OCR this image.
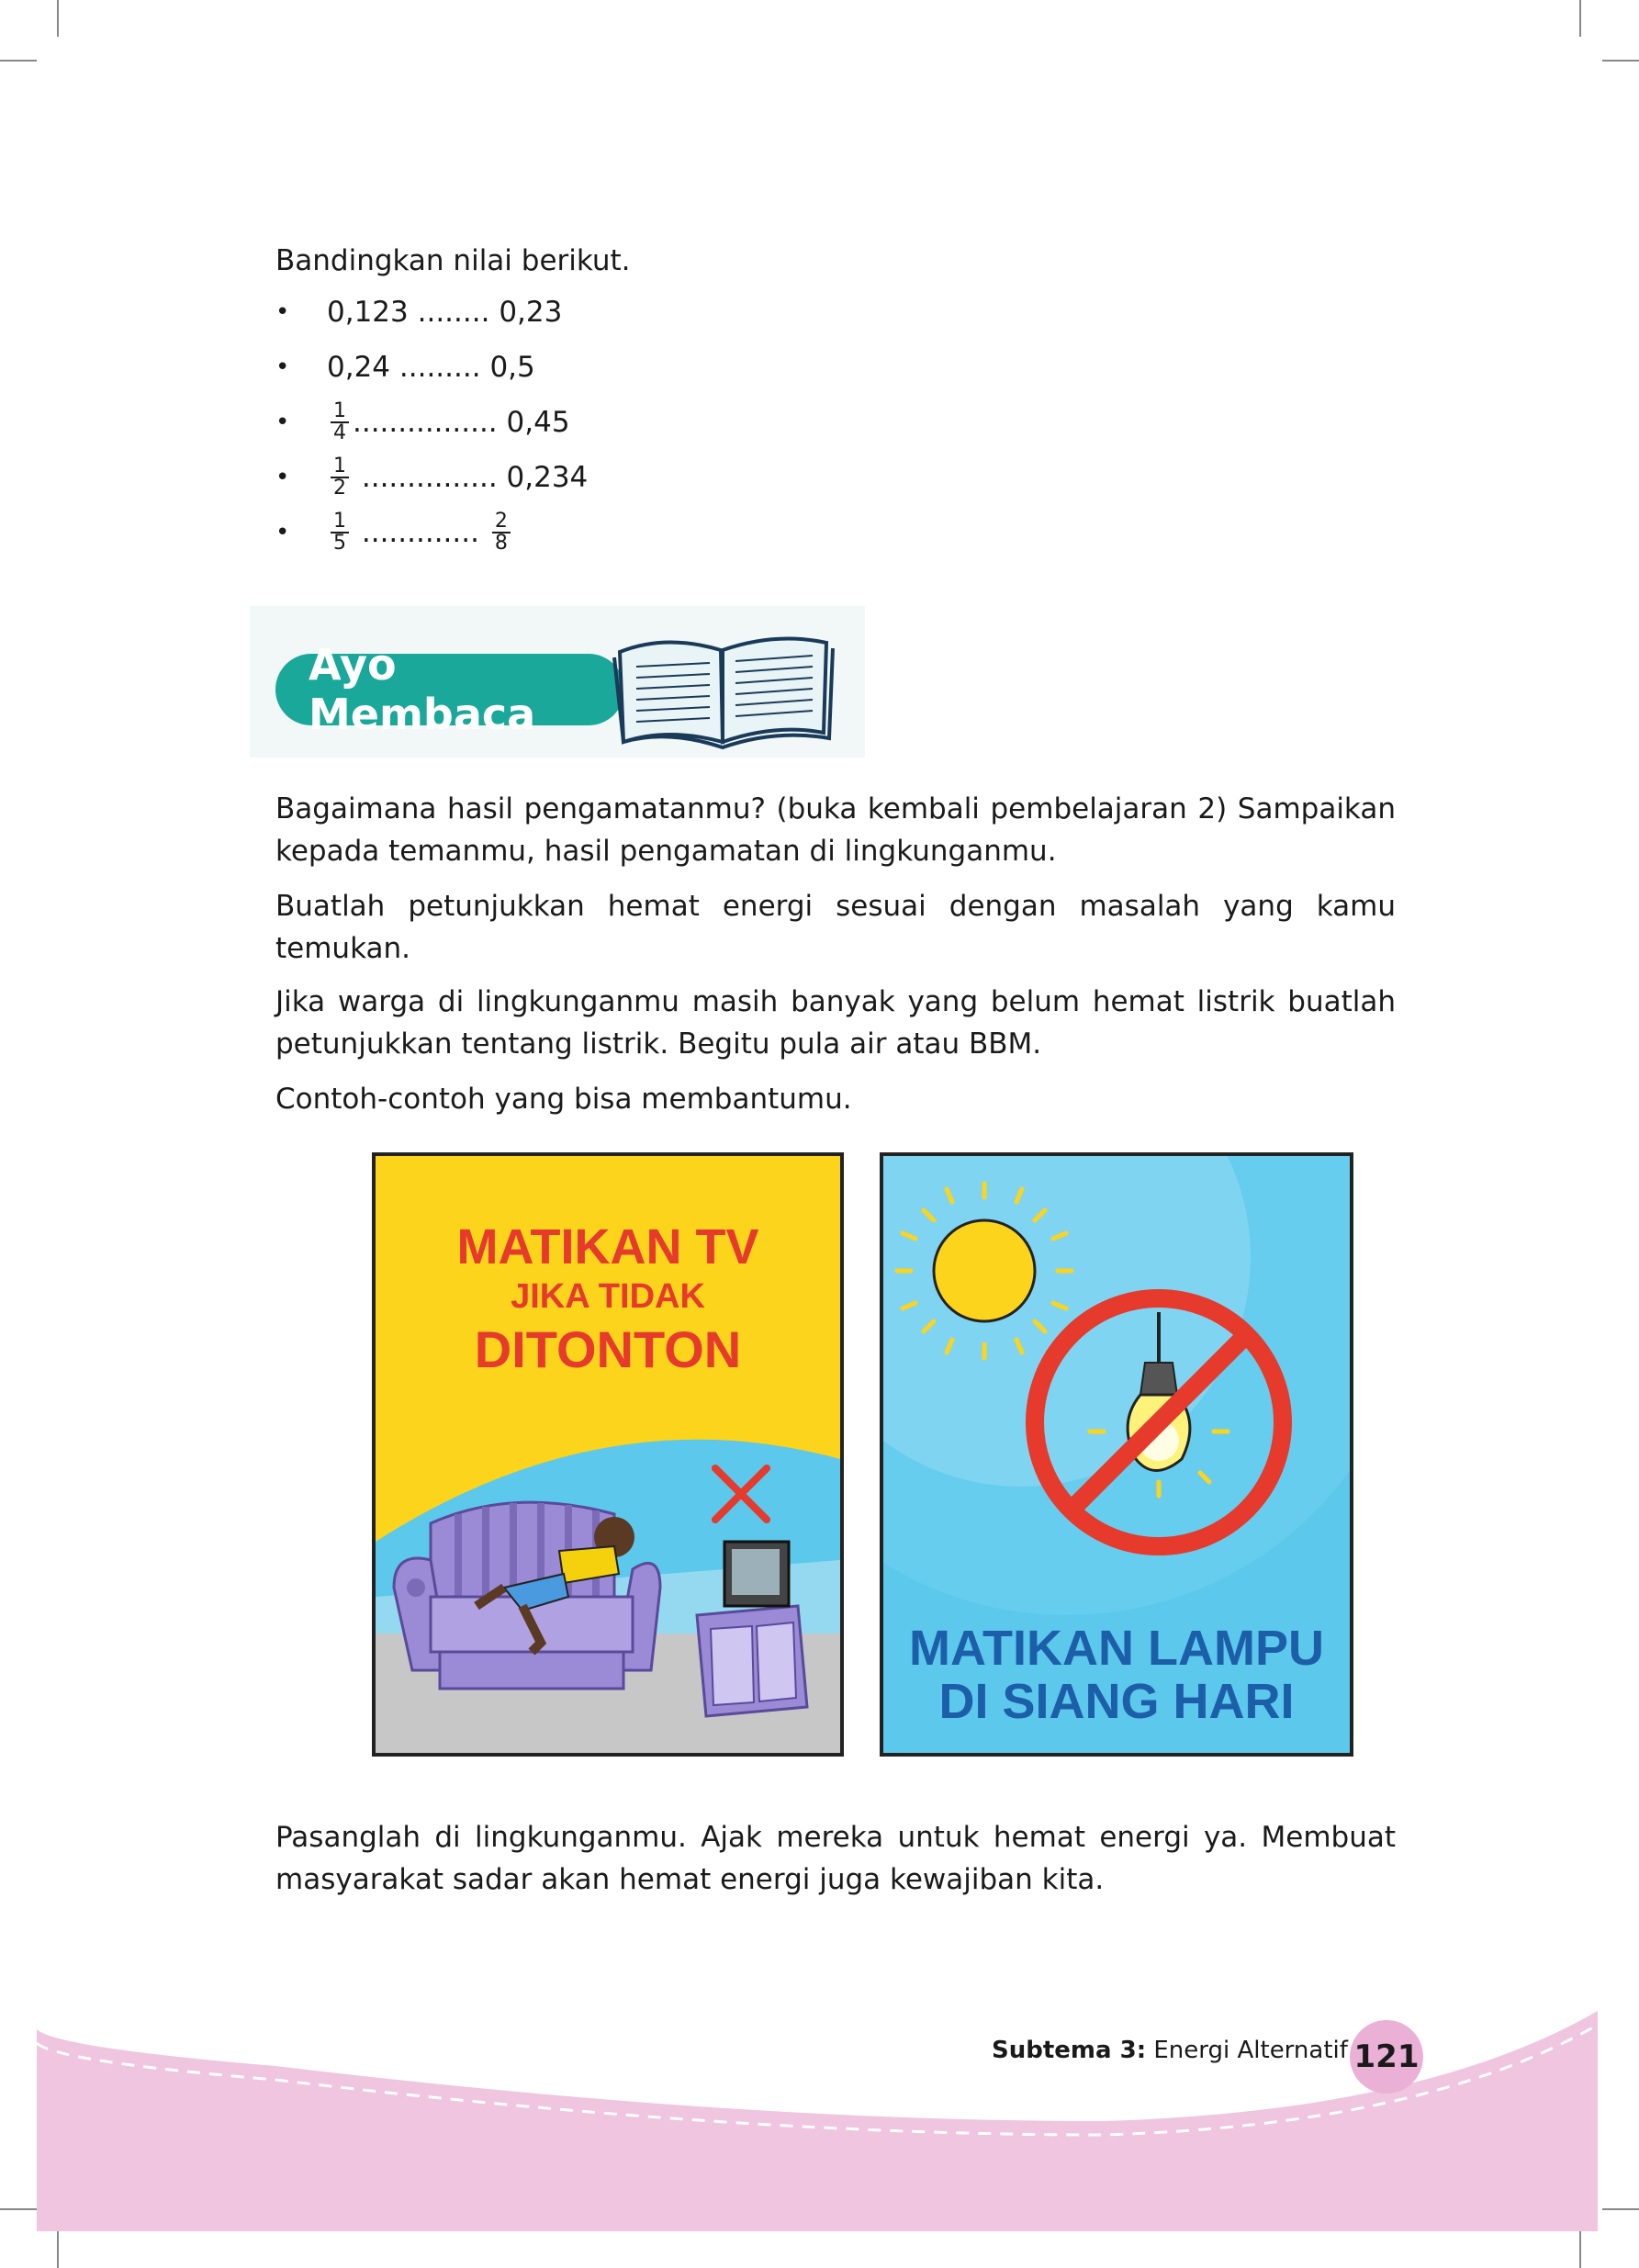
Bandingkan nilai berikut.
•	0,123
........
0,23
•	0,24
.........
0,5
•	$\frac{1}{4}$ ................
0,45
•	$\frac{1}{2}$
...............
0,234
•	$\frac{1}{5}$
.............
$\frac{2}{8}$
Ayo Membaca
Bagaimana hasil pengamatanmu? (buka kembali pembelajaran 2) Sampaikan kepada temanmu, hasil pengamatan di lingkunganmu.
Buatlah petunjukkan hemat energi sesuai dengan masalah yang kamu temukan.
Jika warga di lingkunganmu masih banyak yang belum hemat listrik buatlah petunjukkan tentang listrik. Begitu pula air atau BBM.
Contoh-contoh yang bisa membantumu.
MATIKAN TV
JIKA TIDAK
DITONTON
MATIKAN LAMPU
DI SIANG HARI
Pasanglah di lingkunganmu. Ajak mereka untuk hemat energi ya. Membuat masyarakat sadar akan hemat energi juga kewajiban kita.
Subtema 3: Energi Alternatif 121
